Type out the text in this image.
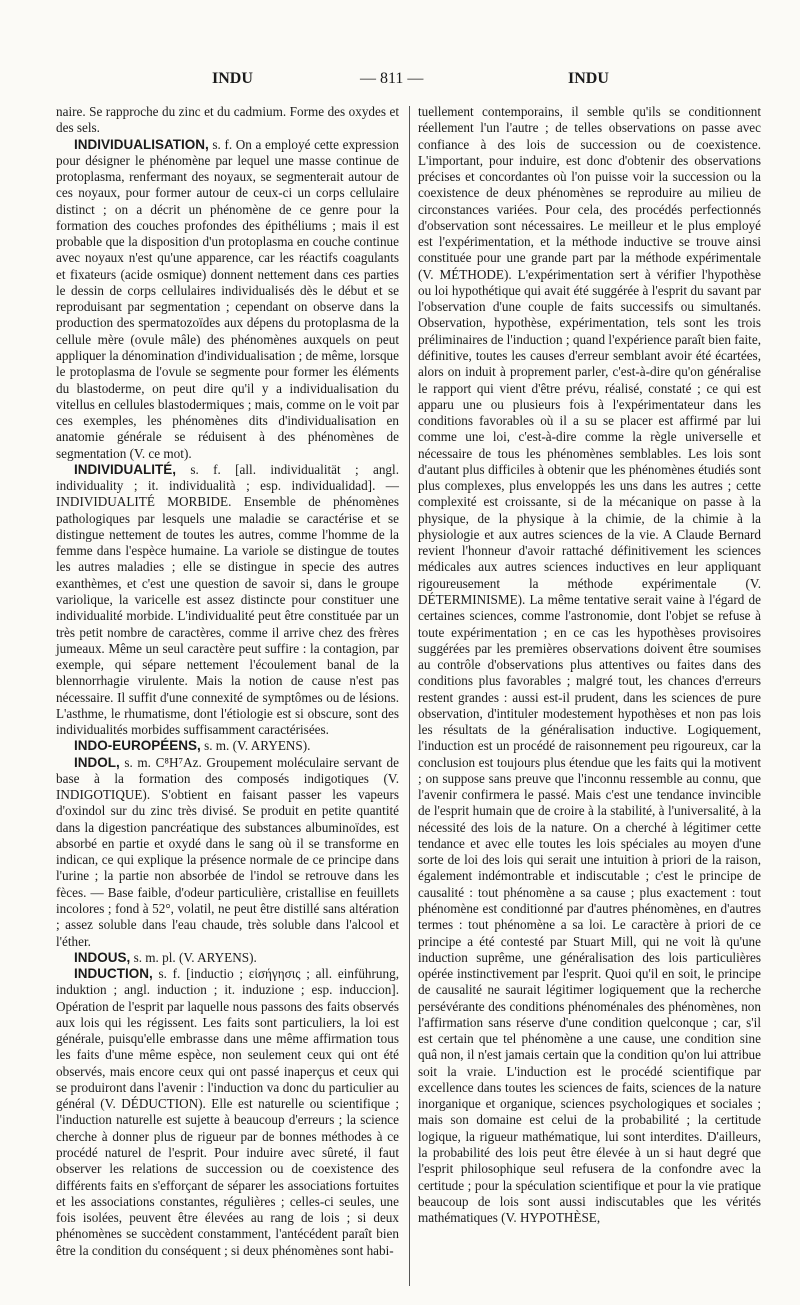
INDU	— 811 —	INDU

naire. Se rapproche du zinc et du cadmium. Forme des oxydes et des sels.

INDIVIDUALISATION, s. f. On a employé cette expression pour désigner le phénomène par lequel une masse continue de protoplasma, renfermant des noyaux, se segmenterait autour de ces noyaux, pour former autour de ceux-ci un corps cellulaire distinct ; on a décrit un phénomène de ce genre pour la formation des couches profondes des épithéliums ; mais il est probable que la disposition d'un protoplasma en couche continue avec noyaux n'est qu'une apparence, car les réactifs coagulants et fixateurs (acide osmique) donnent nettement dans ces parties le dessin de corps cellulaires individualisés dès le début et se reproduisant par segmentation ; cependant on observe dans la production des spermatozoïdes aux dépens du protoplasma de la cellule mère (ovule mâle) des phénomènes auxquels on peut appliquer la dénomination d'individualisation ; de même, lorsque le protoplasma de l'ovule se segmente pour former les éléments du blastoderme, on peut dire qu'il y a individualisation du vitellus en cellules blastodermiques ; mais, comme on le voit par ces exemples, les phénomènes dits d'individualisation en anatomie générale se réduisent à des phénomènes de segmentation (V. ce mot).

INDIVIDUALITÉ, s. f. [all. individualität ; angl. individuality ; it. individualità ; esp. individualidad]. — INDIVIDUALITÉ MORBIDE. Ensemble de phénomènes pathologiques par lesquels une maladie se caractérise et se distingue nettement de toutes les autres, comme l'homme de la femme dans l'espèce humaine. La variole se distingue de toutes les autres maladies ; elle se distingue in specie des autres exanthèmes, et c'est une question de savoir si, dans le groupe variolique, la varicelle est assez distincte pour constituer une individualité morbide. L'individualité peut être constituée par un très petit nombre de caractères, comme il arrive chez des frères jumeaux. Même un seul caractère peut suffire : la contagion, par exemple, qui sépare nettement l'écoulement banal de la blennorrhagie virulente. Mais la notion de cause n'est pas nécessaire. Il suffit d'une connexité de symptômes ou de lésions. L'asthme, le rhumatisme, dont l'étiologie est si obscure, sont des individualités morbides suffisamment caractérisées.

INDO-EUROPÉENS, s. m. (V. ARYENS).

INDOL, s. m. C⁸H⁷Az. Groupement moléculaire servant de base à la formation des composés indigotiques (V. INDIGOTIQUE). S'obtient en faisant passer les vapeurs d'oxindol sur du zinc très divisé. Se produit en petite quantité dans la digestion pancréatique des substances albuminoïdes, est absorbé en partie et oxydé dans le sang où il se transforme en indican, ce qui explique la présence normale de ce principe dans l'urine ; la partie non absorbée de l'indol se retrouve dans les fèces. — Base faible, d'odeur particulière, cristallise en feuillets incolores ; fond à 52°, volatil, ne peut être distillé sans altération ; assez soluble dans l'eau chaude, très soluble dans l'alcool et l'éther.

INDOUS, s. m. pl. (V. ARYENS).

INDUCTION, s. f. [inductio ; εἰσήγησις ; all. einführung, induktion ; angl. induction ; it. induzione ; esp. induccion]. Opération de l'esprit par laquelle nous passons des faits observés aux lois qui les régissent. Les faits sont particuliers, la loi est générale, puisqu'elle embrasse dans une même affirmation tous les faits d'une même espèce, non seulement ceux qui ont été observés, mais encore ceux qui ont passé inaperçus et ceux qui se produiront dans l'avenir : l'induction va donc du particulier au général (V. DÉDUCTION). Elle est naturelle ou scientifique ; l'induction naturelle est sujette à beaucoup d'erreurs ; la science cherche à donner plus de rigueur par de bonnes méthodes à ce procédé naturel de l'esprit. Pour induire avec sûreté, il faut observer les relations de succession ou de coexistence des différents faits en s'efforçant de séparer les associations fortuites et les associations constantes, régulières ; celles-ci seules, une fois isolées, peuvent être élevées au rang de lois ; si deux phénomènes se succèdent constamment, l'antécédent paraît bien être la condition du conséquent ; si deux phénomènes sont habi-

tuellement contemporains, il semble qu'ils se conditionnent réellement l'un l'autre ; de telles observations on passe avec confiance à des lois de succession ou de coexistence. L'important, pour induire, est donc d'obtenir des observations précises et concordantes où l'on puisse voir la succession ou la coexistence de deux phénomènes se reproduire au milieu de circonstances variées. Pour cela, des procédés perfectionnés d'observation sont nécessaires. Le meilleur et le plus employé est l'expérimentation, et la méthode inductive se trouve ainsi constituée pour une grande part par la méthode expérimentale (V. MÉTHODE). L'expérimentation sert à vérifier l'hypothèse ou loi hypothétique qui avait été suggérée à l'esprit du savant par l'observation d'une couple de faits successifs ou simultanés. Observation, hypothèse, expérimentation, tels sont les trois préliminaires de l'induction ; quand l'expérience paraît bien faite, définitive, toutes les causes d'erreur semblant avoir été écartées, alors on induit à proprement parler, c'est-à-dire qu'on généralise le rapport qui vient d'être prévu, réalisé, constaté ; ce qui est apparu une ou plusieurs fois à l'expérimentateur dans les conditions favorables où il a su se placer est affirmé par lui comme une loi, c'est-à-dire comme la règle universelle et nécessaire de tous les phénomènes semblables. Les lois sont d'autant plus difficiles à obtenir que les phénomènes étudiés sont plus complexes, plus enveloppés les uns dans les autres ; cette complexité est croissante, si de la mécanique on passe à la physique, de la physique à la chimie, de la chimie à la physiologie et aux autres sciences de la vie. A Claude Bernard revient l'honneur d'avoir rattaché définitivement les sciences médicales aux autres sciences inductives en leur appliquant rigoureusement la méthode expérimentale (V. DÉTERMINISME). La même tentative serait vaine à l'égard de certaines sciences, comme l'astronomie, dont l'objet se refuse à toute expérimentation ; en ce cas les hypothèses provisoires suggérées par les premières observations doivent être soumises au contrôle d'observations plus attentives ou faites dans des conditions plus favorables ; malgré tout, les chances d'erreurs restent grandes : aussi est-il prudent, dans les sciences de pure observation, d'intituler modestement hypothèses et non pas lois les résultats de la généralisation inductive. Logiquement, l'induction est un procédé de raisonnement peu rigoureux, car la conclusion est toujours plus étendue que les faits qui la motivent ; on suppose sans preuve que l'inconnu ressemble au connu, que l'avenir confirmera le passé. Mais c'est une tendance invincible de l'esprit humain que de croire à la stabilité, à l'universalité, à la nécessité des lois de la nature. On a cherché à légitimer cette tendance et avec elle toutes les lois spéciales au moyen d'une sorte de loi des lois qui serait une intuition à priori de la raison, également indémontrable et indiscutable ; c'est le principe de causalité : tout phénomène a sa cause ; plus exactement : tout phénomène est conditionné par d'autres phénomènes, en d'autres termes : tout phénomène a sa loi. Le caractère à priori de ce principe a été contesté par Stuart Mill, qui ne voit là qu'une induction suprême, une généralisation des lois particulières opérée instinctivement par l'esprit. Quoi qu'il en soit, le principe de causalité ne saurait légitimer logiquement que la recherche persévérante des conditions phénoménales des phénomènes, non l'affirmation sans réserve d'une condition quelconque ; car, s'il est certain que tel phénomène a une cause, une condition sine quâ non, il n'est jamais certain que la condition qu'on lui attribue soit la vraie. L'induction est le procédé scientifique par excellence dans toutes les sciences de faits, sciences de la nature inorganique et organique, sciences psychologiques et sociales ; mais son domaine est celui de la probabilité ; la certitude logique, la rigueur mathématique, lui sont interdites. D'ailleurs, la probabilité des lois peut être élevée à un si haut degré que l'esprit philosophique seul refusera de la confondre avec la certitude ; pour la spéculation scientifique et pour la vie pratique beaucoup de lois sont aussi indiscutables que les vérités mathématiques (V. HYPOTHÈSE,
